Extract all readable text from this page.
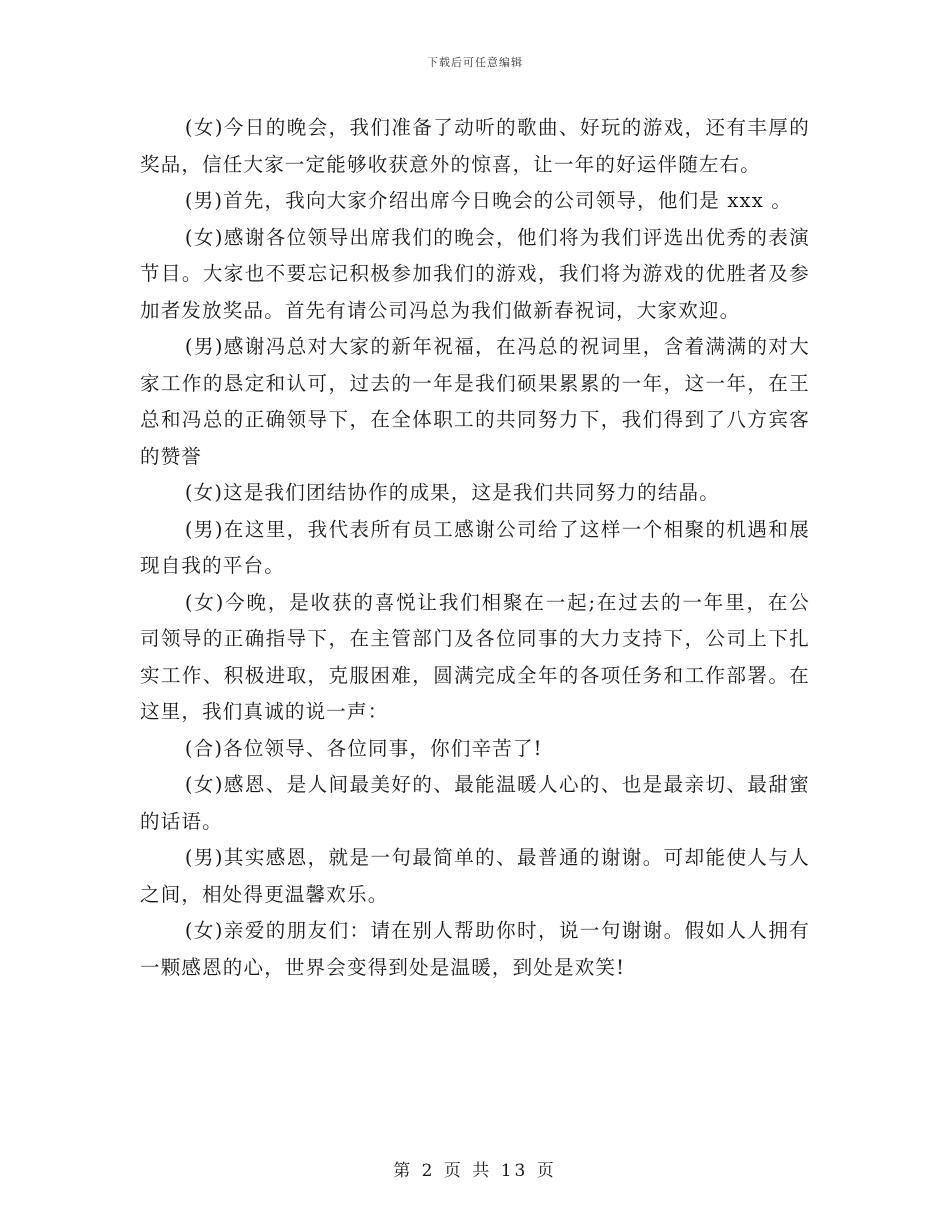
下载后可任意编辑

(女)今日的晚会，我们准备了动听的歌曲、好玩的游戏，还有丰厚的奖品，信任大家一定能够收获意外的惊喜，让一年的好运伴随左右。

(男)首先，我向大家介绍出席今日晚会的公司领导，他们是 xxx 。

(女)感谢各位领导出席我们的晚会，他们将为我们评选出优秀的表演节目。大家也不要忘记积极参加我们的游戏，我们将为游戏的优胜者及参加者发放奖品。首先有请公司冯总为我们做新春祝词，大家欢迎。

(男)感谢冯总对大家的新年祝福，在冯总的祝词里，含着满满的对大家工作的恳定和认可，过去的一年是我们硕果累累的一年，这一年，在王总和冯总的正确领导下，在全体职工的共同努力下，我们得到了八方宾客的赞誉

(女)这是我们团结协作的成果，这是我们共同努力的结晶。

(男)在这里，我代表所有员工感谢公司给了这样一个相聚的机遇和展现自我的平台。

(女)今晚，是收获的喜悦让我们相聚在一起;在过去的一年里，在公司领导的正确指导下，在主管部门及各位同事的大力支持下，公司上下扎实工作、积极进取，克服困难，圆满完成全年的各项任务和工作部署。在这里，我们真诚的说一声：

(合)各位领导、各位同事，你们辛苦了!

(女)感恩、是人间最美好的、最能温暖人心的、也是最亲切、最甜蜜的话语。

(男)其实感恩，就是一句最简单的、最普通的谢谢。可却能使人与人之间，相处得更温馨欢乐。

(女)亲爱的朋友们：请在别人帮助你时，说一句谢谢。假如人人拥有一颗感恩的心，世界会变得到处是温暖，到处是欢笑!

第 2 页 共 13 页
